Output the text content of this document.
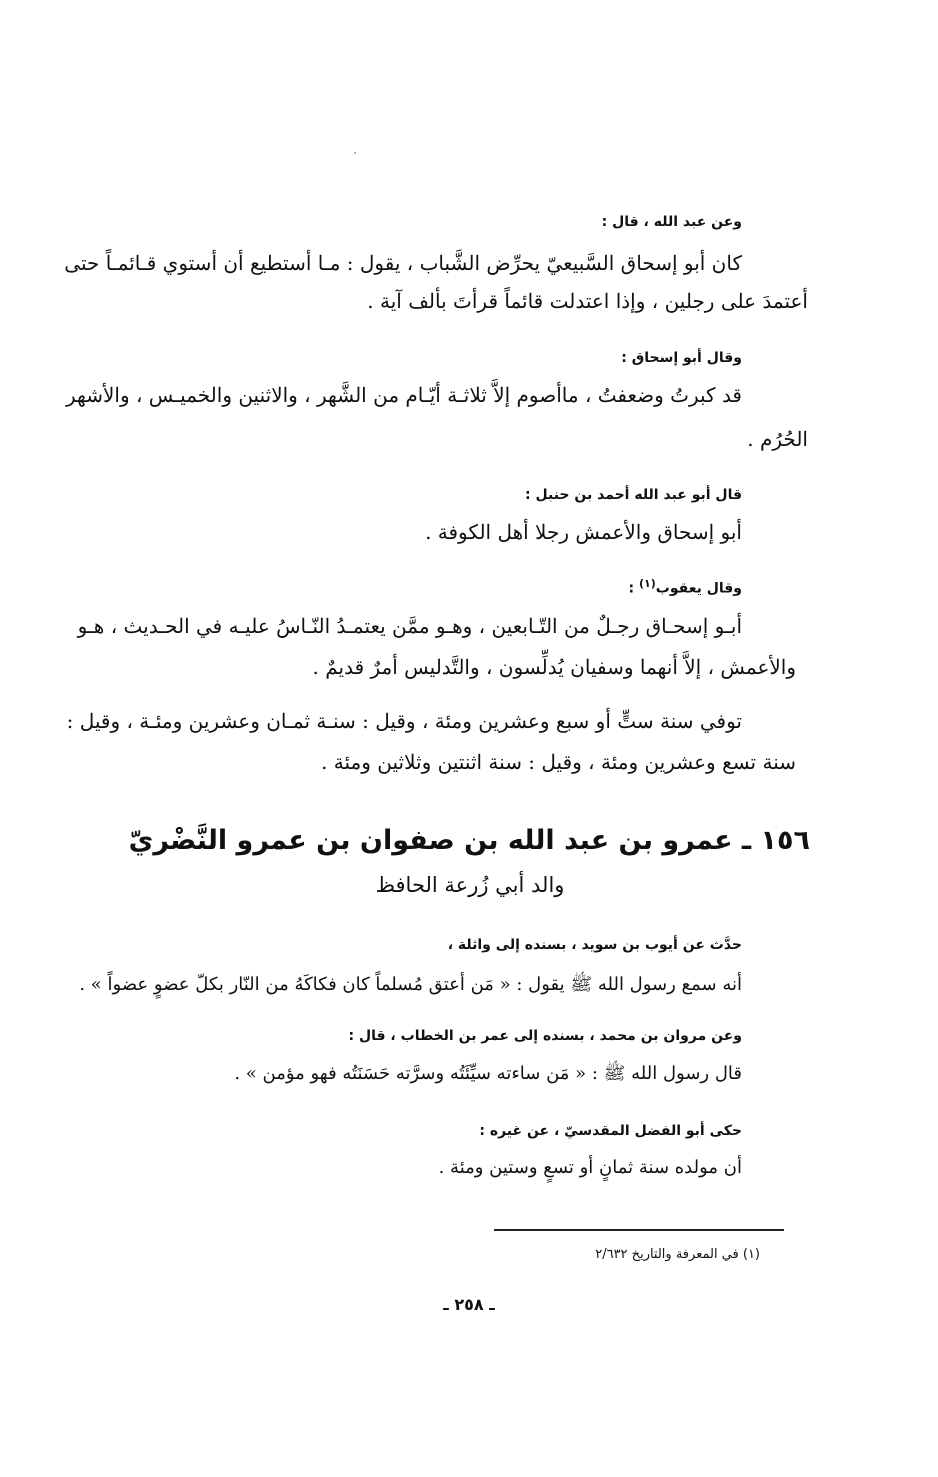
وعن عبد الله ، قال :
كان أبو إسحاق السَّبيعيّ يحرِّض الشَّباب ، يقول : مـا أستطيع أن أستوي قـائمـاً حتى
أعتمدَ على رجلين ، وإذا اعتدلت قائماً قرأتَ بألف آية .
وقال أبو إسحاق :
قد كبرتُ وضعفتُ ، ماأصوم إلاَّ ثلاثـة أيّـام من الشَّهر ، والاثنين والخميـس ، والأشهر
الحُرُم .
قال أبو عبد الله أحمد بن حنبل :
أبو إسحاق والأعمش رجلا أهل الكوفة .
وقال يعقوب$^{(١)}$ :
أبـو إسحـاق رجـلٌ من التّـابعين ، وهـو ممَّن يعتمـدُ النّـاسُ عليـه في الحـديث ، هـو
والأعمش ، إلاَّ أنهما وسفيان يُدلِّسون ، والتَّدليس أمرٌ قديمٌ .
توفي سنة ستٍّ أو سبع وعشرين ومئة ، وقيل : سنـة ثمـان وعشرين ومئـة ، وقيل :
سنة تسع وعشرين ومئة ، وقيل : سنة اثنتين وثلاثين ومئة .
١٥٦ ـ عمرو بن عبد الله بن صفوان بن عمرو النَّضْريّ
والد أبي زُرعة الحافظ
حدَّث عن أيوب بن سويد ، بسنده إلى واثلة ،
أنه سمع رسول الله ﷺ يقول : « مَن أعتق مُسلماً كان فكاكَهُ من النّار بكلّ عضوٍ عضواً » .
وعن مروان بن محمد ، بسنده إلى عمر بن الخطاب ، قال :
قال رسول الله ﷺ : « مَن ساءته سيِّئَتُه وسرَّته حَسَنَتُه فهو مؤمن » .
حكى أبو الفضل المقدسيّ ، عن غيره :
أن مولده سنة ثمانٍ أو تسعٍ وستين ومئة .
(١) في المعرفة والتاريخ ٢/٦٣٢
ـ ٢٥٨ ـ
